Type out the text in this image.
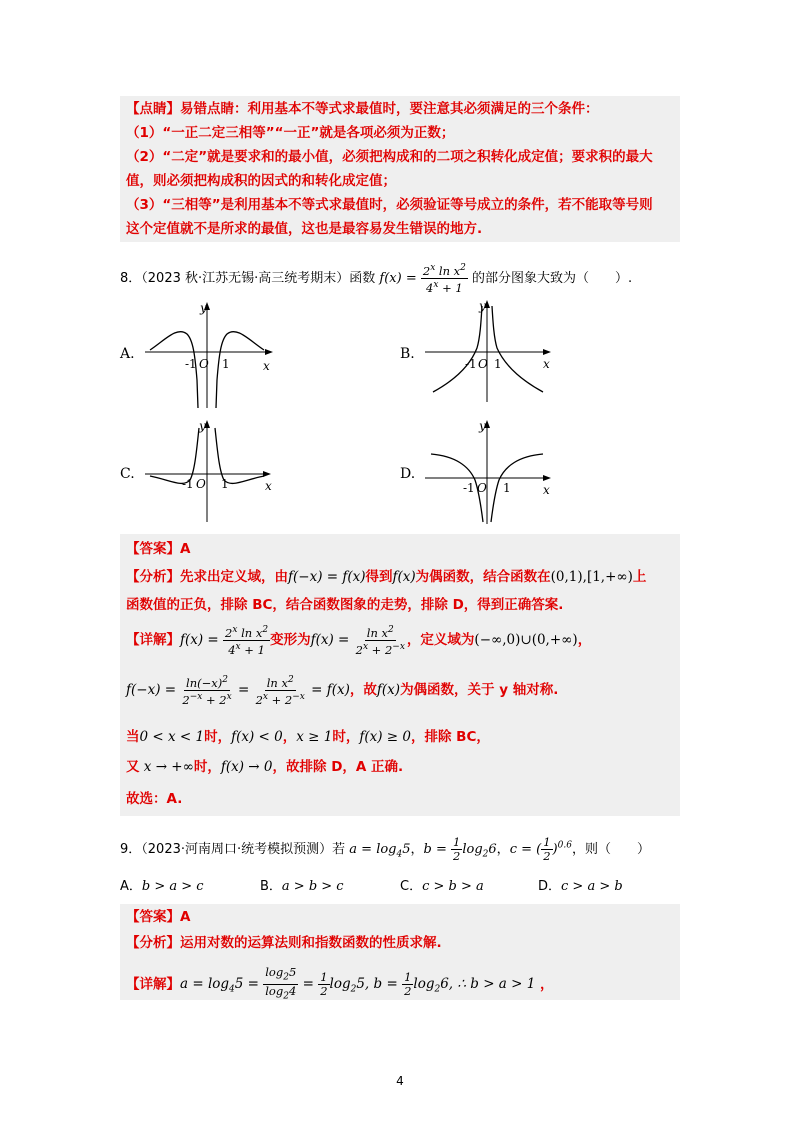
【点睛】易错点睛：利用基本不等式求最值时，要注意其必须满足的三个条件：
（1）“一正二定三相等”“一正”就是各项必须为正数；
（2）“二定”就是要求和的最小值，必须把构成和的二项之积转化成定值；要求积的最大
值，则必须把构成积的因式的和转化成定值；
（3）“三相等”是利用基本不等式求最值时，必须验证等号成立的条件，若不能取等号则
这个定值就不是所求的最值，这也是最容易发生错误的地方.
8．（2023 秋·江苏无锡·高三统考期末）函数 $f(x) = \frac{2^x \ln x^2}{4^x + 1}$ 的部分图象大致为（　　）.
A.	B.
C.	D.
y
x
-1 O 1
y
x
-1 O 1
y
x
-1 O 1
y
x
-1 O 1
【答案】A
【分析】先求出定义域，由f(−x) = f(x)得到f(x)为偶函数，结合函数在(0,1),[1,+∞)上
函数值的正负，排除 BC，结合函数图象的走势，排除 D，得到正确答案.
【详解】$f(x) = \frac{2^x \ln x^2}{4^x + 1}$ 变形为$f(x) = \frac{\ln x^2}{2^x + 2^{-x}}$ ，定义域为(−∞,0)∪(0,+∞)，
$f(-x) = \frac{\ln(-x)^2}{2^{-x} + 2^x} = \frac{\ln x^2}{2^x + 2^{-x}} = f(x)$，故f(x)为偶函数，关于 y 轴对称.
当0 < x < 1时，f(x) < 0，x ≥ 1时，f(x) ≥ 0，排除 BC，
又 x → +∞时，f(x) → 0，故排除 D，A 正确.
故选：A.
9．（2023·河南周口·统考模拟预测）若 $a = \log_45$，$b = \frac{1}{2} \log_26$，c = ( $\frac{1}{2} )^{0.6}$，则（　　）
A．b > a > c	B．a > b > c	C．c > b > a	D．c > a > b
【答案】A
【分析】运用对数的运算法则和指数函数的性质求解.
【详解】$a = \log_45 = \frac{\log_25}{\log_24} = \frac{1}{2} \log_25$, $b = \frac{1}{2} \log_26$, ∴ b > a > 1 ，
4
